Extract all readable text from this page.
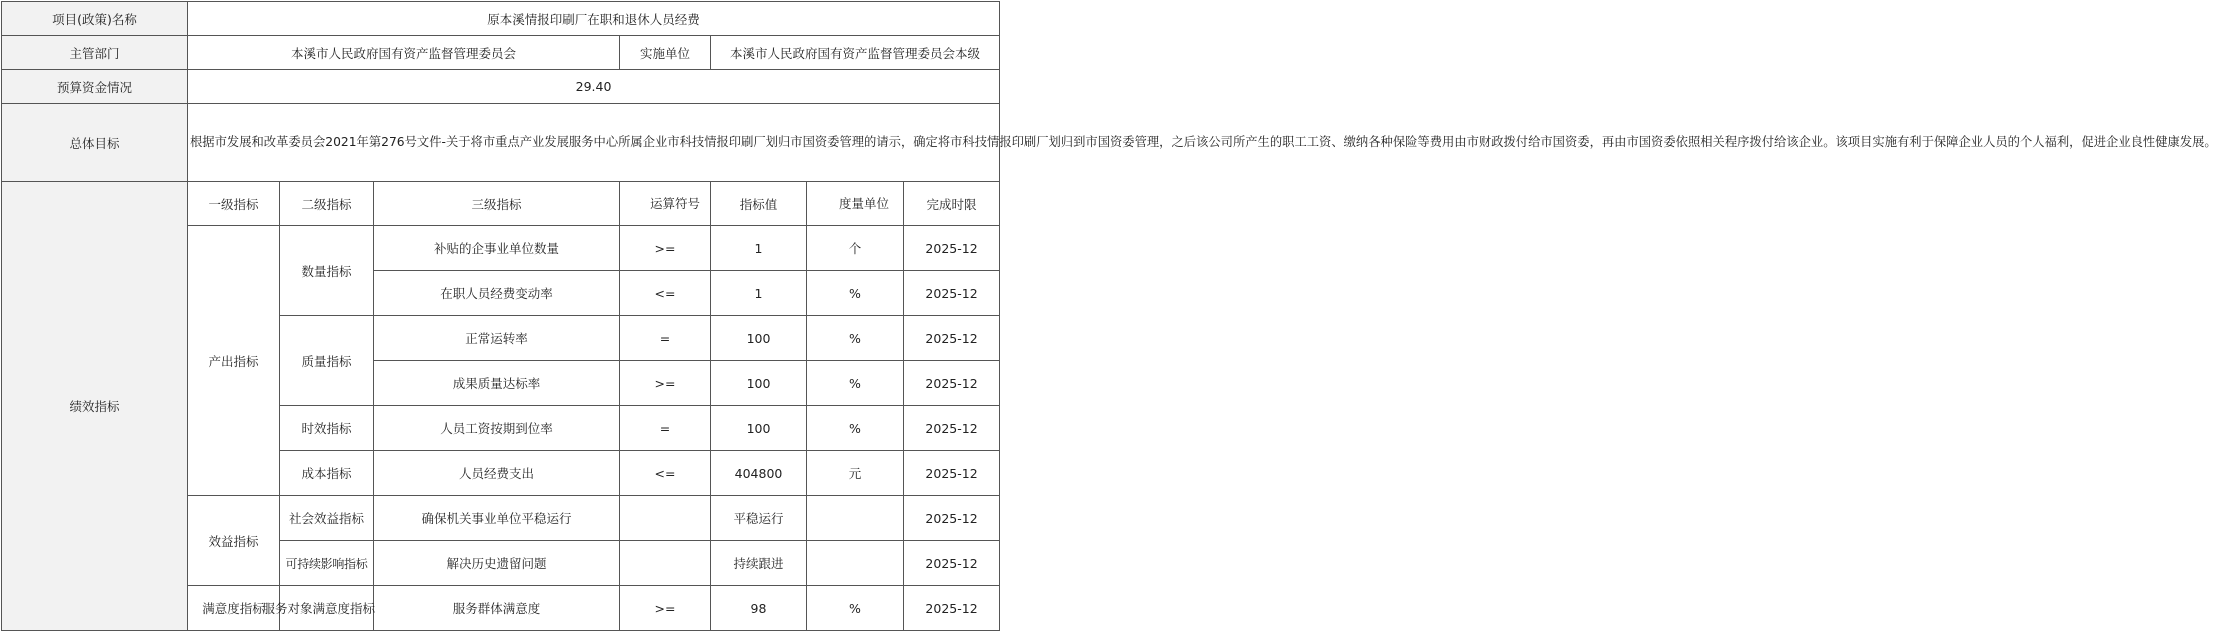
项目(政策)名称	原本溪情报印刷厂在职和退休人员经费						
主管部门	本溪市人民政府国有资产监督管理委员会			实施单位	本溪市人民政府国有资产监督管理委员会本级		
预算资金情况	29.40						
总体目标	根据市发展和改革委员会2021年第276号文件-关于将市重点产业发展服务中心所属企业市科技情报印刷厂划归市国资委管理的请示，确定将市科技情报印刷厂划归到市国资委管理，之后该公司所产生的职工工资、缴纳各种保险等费用由市财政拨付给市国资委，再由市国资委依照相关程序拨付给该企业。该项目实施有利于保障企业人员的个人福利，促进企业良性健康发展。						
绩效指标	一级指标	二级指标	三级指标	运算符号	指标值	度量单位	完成时限
	产出指标	数量指标	补贴的企事业单位数量	>=	1	个	2025-12
			在职人员经费变动率	<=	1	%	2025-12
		质量指标	正常运转率	=	100	%	2025-12
			成果质量达标率	>=	100	%	2025-12
		时效指标	人员工资按期到位率	=	100	%	2025-12
		成本指标	人员经费支出	<=	404800	元	2025-12
	效益指标	社会效益指标	确保机关事业单位平稳运行		平稳运行		2025-12
		可持续影响指标	解决历史遗留问题		持续跟进		2025-12
	满意度指标	服务对象满意度指标	服务群体满意度	>=	98	%	2025-12
